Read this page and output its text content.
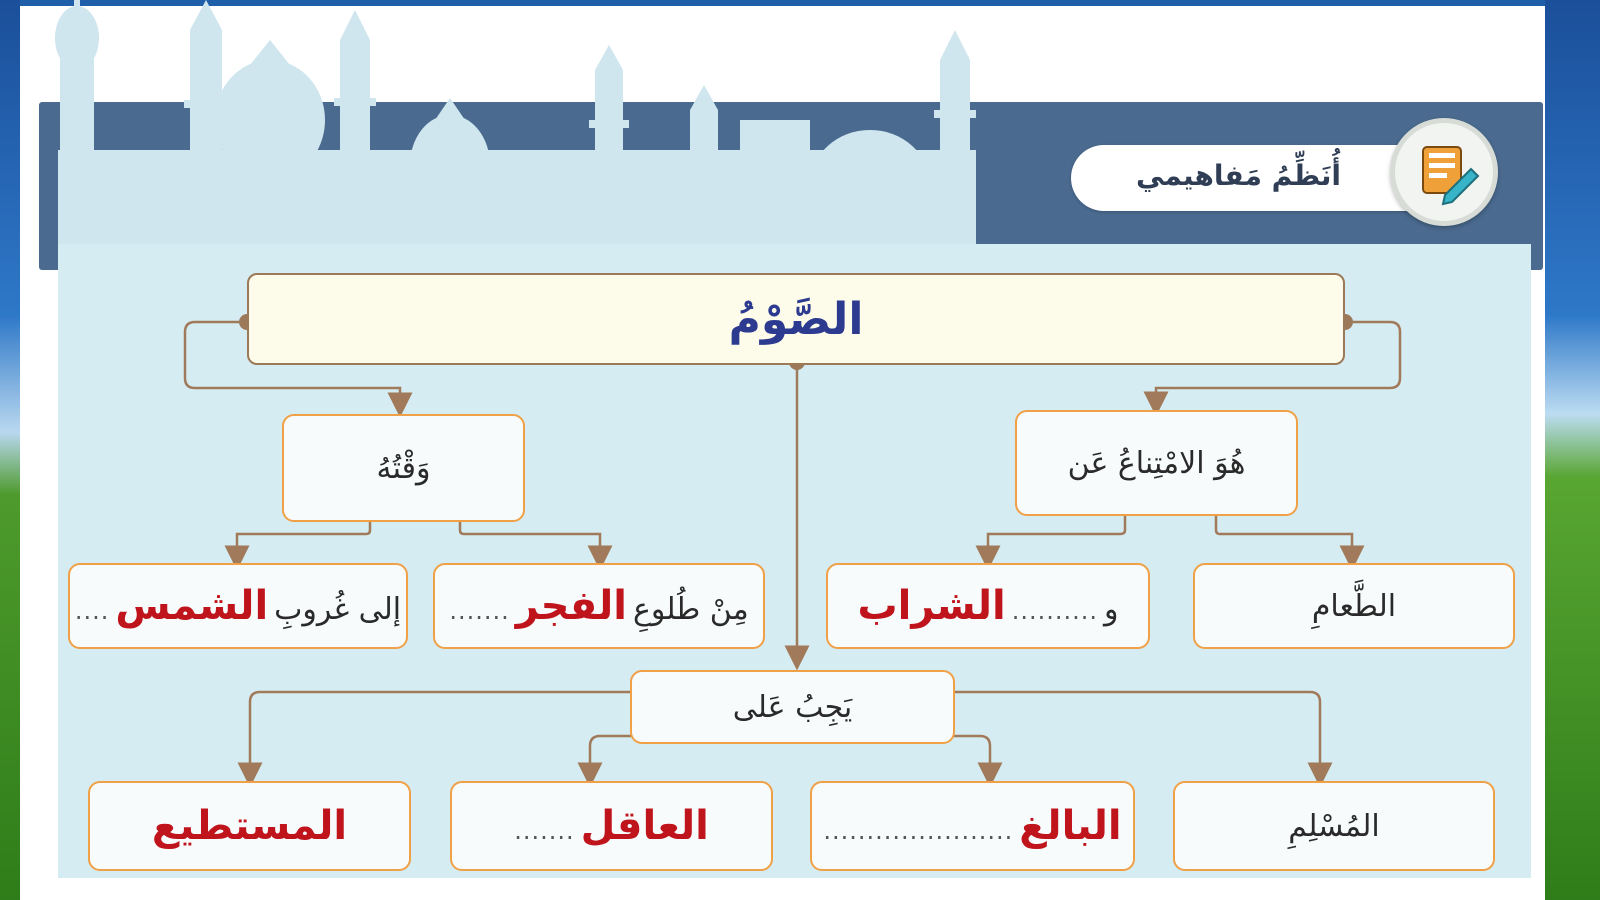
أُنَظِّمُ مَفاهيمي
الصَّوْمُ
هُوَ الامْتِناعُ عَن
الطَّعامِ
و
..........
الشراب
وَقْتُهُ
مِنْ طُلوعِ
الفجر
.......
إلى غُروبِ
الشمس
....
يَجِبُ عَلى
المُسْلِمِ
البالغ
......................
العاقل
.......
المستطيع
